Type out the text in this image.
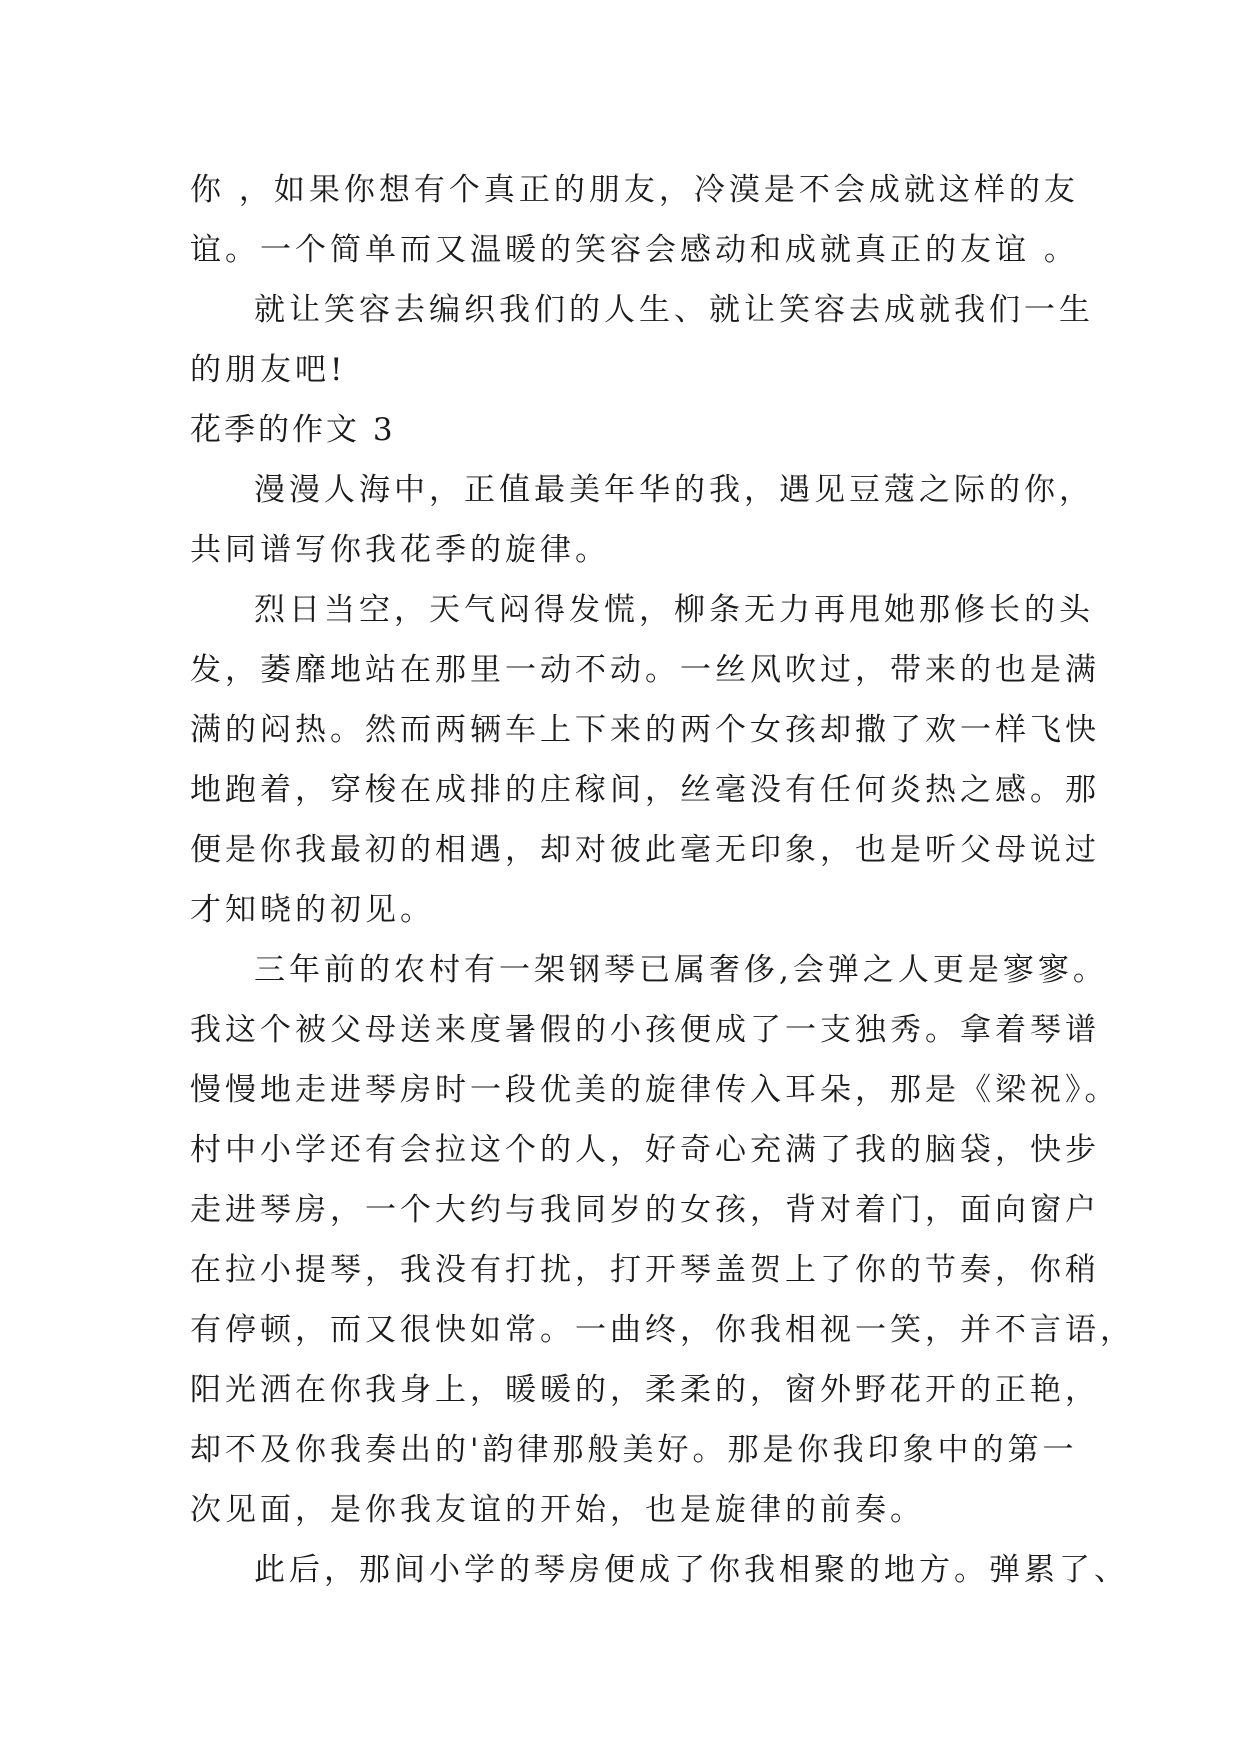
你 ，如果你想有个真正的朋友，冷漠是不会成就这样的友
谊。一个简单而又温暖的笑容会感动和成就真正的友谊 。
就让笑容去编织我们的人生、就让笑容去成就我们一生
的朋友吧!
花季的作文 3
漫漫人海中，正值最美年华的我，遇见豆蔻之际的你，
共同谱写你我花季的旋律。
烈日当空，天气闷得发慌，柳条无力再甩她那修长的头
发，萎靡地站在那里一动不动。一丝风吹过，带来的也是满
满的闷热。然而两辆车上下来的两个女孩却撒了欢一样飞快
地跑着，穿梭在成排的庄稼间，丝毫没有任何炎热之感。那
便是你我最初的相遇，却对彼此毫无印象，也是听父母说过
才知晓的初见。
三年前的农村有一架钢琴已属奢侈,会弹之人更是寥寥。
我这个被父母送来度暑假的小孩便成了一支独秀。拿着琴谱
慢慢地走进琴房时一段优美的旋律传入耳朵，那是《梁祝》。
村中小学还有会拉这个的人，好奇心充满了我的脑袋，快步
走进琴房，一个大约与我同岁的女孩，背对着门，面向窗户
在拉小提琴，我没有打扰，打开琴盖贺上了你的节奏，你稍
有停顿，而又很快如常。一曲终，你我相视一笑，并不言语，
阳光洒在你我身上，暖暖的，柔柔的，窗外野花开的正艳，
却不及你我奏出的'韵律那般美好。那是你我印象中的第一
次见面，是你我友谊的开始，也是旋律的前奏。
此后，那间小学的琴房便成了你我相聚的地方。弹累了、
